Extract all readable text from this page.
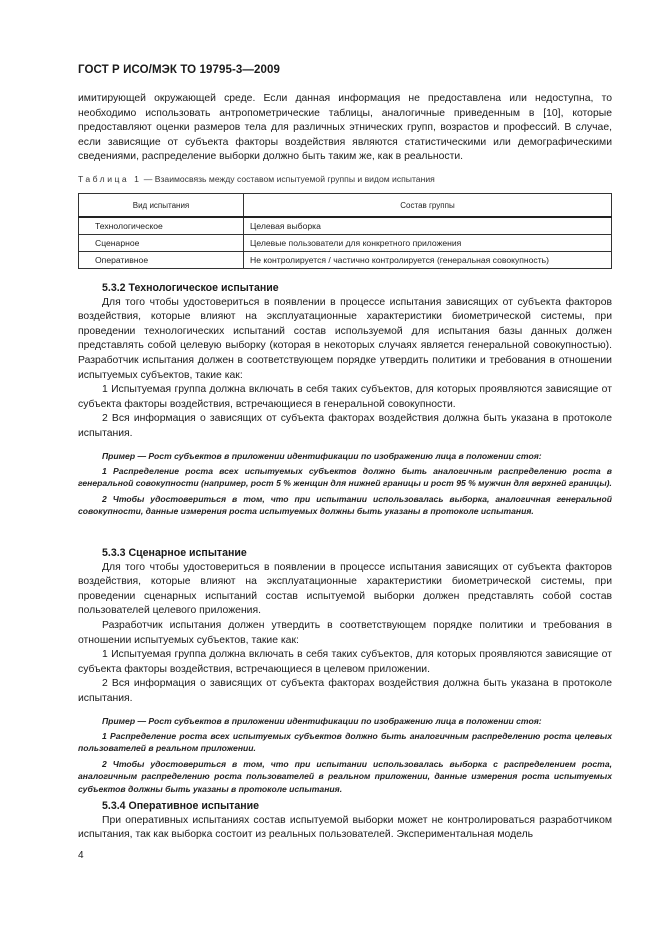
ГОСТ Р ИСО/МЭК ТО 19795-3—2009

имитирующей окружающей среде. Если данная информация не предоставлена или недоступна, то необходимо использовать антропометрические таблицы, аналогичные приведенным в [10], которые предоставляют оценки размеров тела для различных этнических групп, возрастов и профессий. В случае, если зависящие от субъекта факторы воздействия являются статистическими или демографическими сведениями, распределение выборки должно быть таким же, как в реальности.

Таблица 1 — Взаимосвязь между составом испытуемой группы и видом испытания
Вид испытания	Состав группы
Технологическое	Целевая выборка
Сценарное	Целевые пользователи для конкретного приложения
Оперативное	Не контролируется / частично контролируется (генеральная совокупность)
5.3.2 Технологическое испытание

Для того чтобы удостовериться в появлении в процессе испытания зависящих от субъекта факторов воздействия, которые влияют на эксплуатационные характеристики биометрической системы, при проведении технологических испытаний состав используемой для испытания базы данных должен представлять собой целевую выборку (которая в некоторых случаях является генеральной совокупностью). Разработчик испытания должен в соответствующем порядке утвердить политики и требования в отношении испытуемых субъектов, такие как:

1 Испытуемая группа должна включать в себя таких субъектов, для которых проявляются зависящие от субъекта факторы воздействия, встречающиеся в генеральной совокупности.

2 Вся информация о зависящих от субъекта факторах воздействия должна быть указана в протоколе испытания.

Пример — Рост субъектов в приложении идентификации по изображению лица в положении стоя:
1 Распределение роста всех испытуемых субъектов должно быть аналогичным распределению роста в генеральной совокупности (например, рост 5 % женщин для нижней границы и рост 95 % мужчин для верхней границы).
2 Чтобы удостовериться в том, что при испытании использовалась выборка, аналогичная генеральной совокупности, данные измерения роста испытуемых должны быть указаны в протоколе испытания.
5.3.3 Сценарное испытание

Для того чтобы удостовериться в появлении в процессе испытания зависящих от субъекта факторов воздействия, которые влияют на эксплуатационные характеристики биометрической системы, при проведении сценарных испытаний состав испытуемой выборки должен представлять собой состав пользователей целевого приложения.

Разработчик испытания должен утвердить в соответствующем порядке политики и требования в отношении испытуемых субъектов, такие как:

1 Испытуемая группа должна включать в себя таких субъектов, для которых проявляются зависящие от субъекта факторы воздействия, встречающиеся в целевом приложении.

2 Вся информация о зависящих от субъекта факторах воздействия должна быть указана в протоколе испытания.

Пример — Рост субъектов в приложении идентификации по изображению лица в положении стоя:
1 Распределение роста всех испытуемых субъектов должно быть аналогичным распределению роста целевых пользователей в реальном приложении.
2 Чтобы удостовериться в том, что при испытании использовалась выборка с распределением роста, аналогичным распределению роста пользователей в реальном приложении, данные измерения роста испытуемых субъектов должны быть указаны в протоколе испытания.
5.3.4 Оперативное испытание

При оперативных испытаниях состав испытуемой выборки может не контролироваться разработчиком испытания, так как выборка состоит из реальных пользователей. Экспериментальная модель

4
